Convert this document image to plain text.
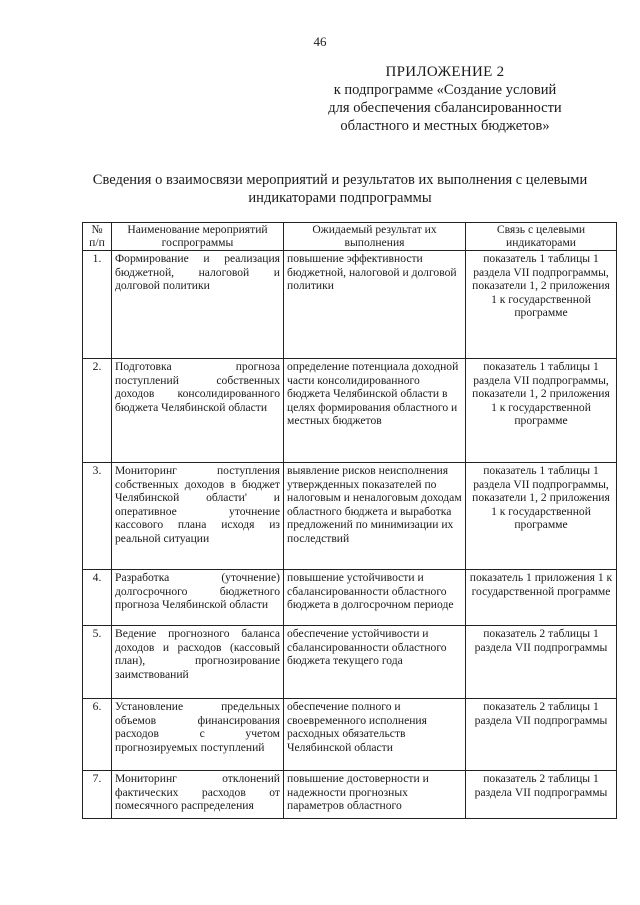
46
ПРИЛОЖЕНИЕ 2
к подпрограмме «Создание условий
для обеспечения сбалансированности
областного и местных бюджетов»
Сведения о взаимосвязи мероприятий и результатов их выполнения с целевыми
индикаторами подпрограммы
№ п/п	Наименование мероприятий госпрограммы	Ожидаемый результат их выполнения	Связь с целевыми индикаторами
1.	Формирование и реализация бюджетной, налоговой и долговой политики	повышение эффективности бюджетной, налоговой и долговой политики	показатель 1 таблицы 1 раздела VII подпрограммы, показатели 1, 2 приложения 1 к государственной программе
2.	Подготовка прогноза поступлений собственных доходов консолидированного бюджета Челябинской области	определение потенциала доходной части консолидированного бюджета Челябинской области в целях формирования областного и местных бюджетов	показатель 1 таблицы 1 раздела VII подпрограммы, показатели 1, 2 приложения 1 к государственной программе
3.	Мониторинг поступления собственных доходов в бюджет Челябинской области' и оперативное уточнение кассового плана исходя из реальной ситуации	выявление рисков неисполнения утвержденных показателей по налоговым и неналоговым доходам областного бюджета и выработка предложений по минимизации их последствий	показатель 1 таблицы 1 раздела VII подпрограммы, показатели 1, 2 приложения 1 к государственной программе
4.	Разработка (уточнение) долгосрочного бюджетного прогноза Челябинской области	повышение устойчивости и сбалансированности областного бюджета в долгосрочном периоде	показатель 1 приложения 1 к государственной программе
5.	Ведение прогнозного баланса доходов и расходов (кассовый план), прогнозирование заимствований	обеспечение устойчивости и сбалансированности областного бюджета текущего года	показатель 2 таблицы 1 раздела VII подпрограммы
6.	Установление предельных объемов финансирования расходов с учетом прогнозируемых поступлений	обеспечение полного и своевременного исполнения расходных обязательств Челябинской области	показатель 2 таблицы 1 раздела VII подпрограммы
7.	Мониторинг отклонений фактических расходов от помесячного распределения	повышение достоверности и надежности прогнозных параметров областного	показатель 2 таблицы 1 раздела VII подпрограммы
